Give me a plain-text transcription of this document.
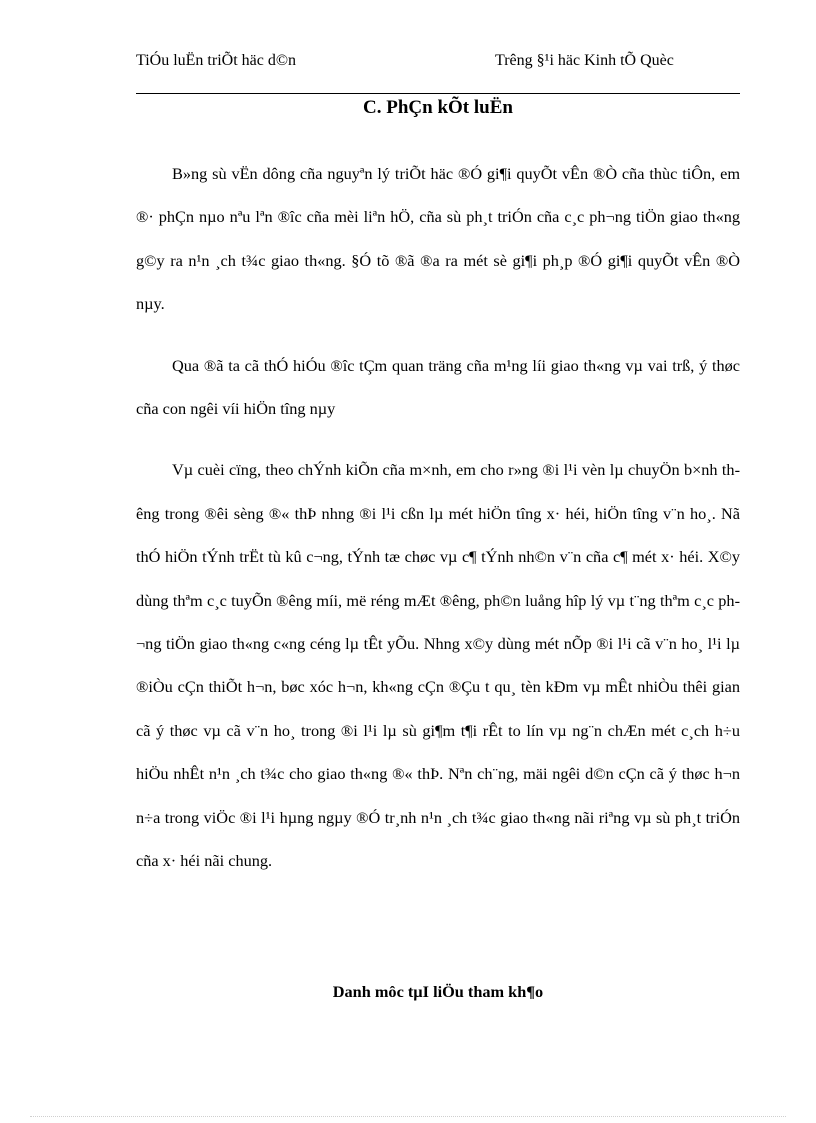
TiÓu luËn triÕt häc d©n	Trêng §¹i häc Kinh tÕ Quèc
C. PhÇn kÕt luËn

B»ng sù vËn dông cña nguyªn lý triÕt häc ®Ó gi¶i quyÕt vÊn ®Ò cña thùc tiÔn, em ®· phÇn nµo nªu lªn ®îc cña mèi liªn hÖ, cña sù ph¸t triÓn cña c¸c ph¬ng tiÖn giao th«ng g©y ra n¹n ¸ch t¾c giao th«ng. §Ó tõ ®ã ®a ra mét sè gi¶i ph¸p ®Ó gi¶i quyÕt vÊn ®Ò nµy.

Qua ®ã ta cã thÓ hiÓu ®îc tÇm quan träng cña m¹ng líi giao th«ng vµ vai trß, ý thøc cña con ngêi víi hiÖn tîng nµy

Vµ cuèi cïng, theo chÝnh kiÕn cña m×nh, em cho r»ng ®i l¹i vèn lµ chuyÖn b×nh thêng trong ®êi sèng ®« thÞ nhng ®i l¹i cßn lµ mét hiÖn tîng x· héi, hiÖn tîng v¨n ho¸. Nã thÓ hiÖn tÝnh trËt tù kû c¬ng, tÝnh tæ chøc vµ c¶ tÝnh nh©n v¨n cña c¶ mét x· héi. X©y dùng thªm c¸c tuyÕn ®êng míi, më réng mÆt ®êng, ph©n luång hîp lý vµ t¨ng thªm c¸c ph¬ng tiÖn giao th«ng c«ng céng lµ tÊt yÕu. Nhng x©y dùng mét nÕp ®i l¹i cã v¨n ho¸ l¹i lµ ®iÒu cÇn thiÕt h¬n, bøc xóc h¬n, kh«ng cÇn ®Çu t qu¸ tèn kÐm vµ mÊt nhiÒu thêi gian cã ý thøc vµ cã v¨n ho¸ trong ®i l¹i lµ sù gi¶m t¶i rÊt to lín vµ ng¨n chÆn mét c¸ch h÷u hiÖu nhÊt n¹n ¸ch t¾c cho giao th«ng ®« thÞ. Nªn ch¨ng, mäi ngêi d©n cÇn cã ý thøc h¬n n÷a trong viÖc ®i l¹i hµng ngµy ®Ó tr¸nh n¹n ¸ch t¾c giao th«ng nãi riªng vµ sù ph¸t triÓn cña x· héi nãi chung.

Danh môc tµI liÖu tham kh¶o
